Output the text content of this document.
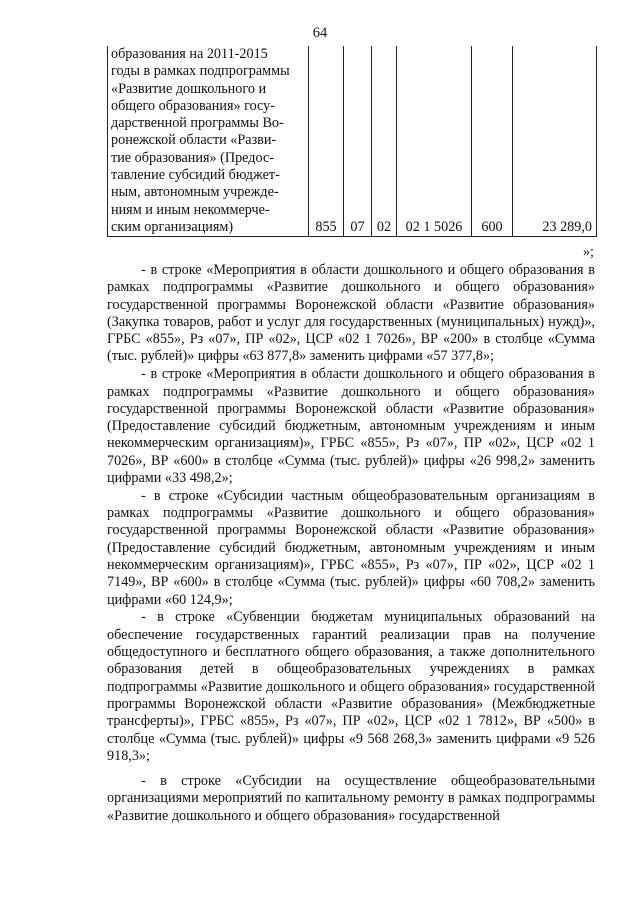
64
образования на 2011-2015
годы в рамках подпрограммы
«Развитие дошкольного и
общего образования» госу-
дарственной программы Во-
ронежской области «Разви-
тие образования» (Предос-
тавление субсидий бюджет-
ным, автономным учрежде-
ниям и иным некоммерче-
ским организациям)	855	07	02	02 1 5026	600	23 289,0
»;

- в строке «Мероприятия в области дошкольного и общего образования в рамках подпрограммы «Развитие дошкольного и общего образования» государственной программы Воронежской области «Развитие образования» (Закупка товаров, работ и услуг для государственных (муниципальных) нужд)», ГРБС «855», Рз «07», ПР «02», ЦСР «02 1 7026», ВР «200» в столбце «Сумма (тыс. рублей)» цифры «63 877,8» заменить цифрами «57 377,8»;

- в строке «Мероприятия в области дошкольного и общего образования в рамках подпрограммы «Развитие дошкольного и общего образования» государственной программы Воронежской области «Развитие образования» (Предоставление субсидий бюджетным, автономным учреждениям и иным некоммерческим организациям)», ГРБС «855», Рз «07», ПР «02», ЦСР «02 1 7026», ВР «600» в столбце «Сумма (тыс. рублей)» цифры «26 998,2» заменить цифрами «33 498,2»;

- в строке «Субсидии частным общеобразовательным организациям в рамках подпрограммы «Развитие дошкольного и общего образования» государственной программы Воронежской области «Развитие образования» (Предоставление субсидий бюджетным, автономным учреждениям и иным некоммерческим организациям)», ГРБС «855», Рз «07», ПР «02», ЦСР «02 1 7149», ВР «600» в столбце «Сумма (тыс. рублей)» цифры «60 708,2» заменить цифрами «60 124,9»;

- в строке «Субвенции бюджетам муниципальных образований на обеспечение государственных гарантий реализации прав на получение общедоступного и бесплатного общего образования, а также дополнительного образования детей в общеобразовательных учреждениях в рамках подпрограммы «Развитие дошкольного и общего образования» государственной программы Воронежской области «Развитие образования» (Межбюджетные трансферты)», ГРБС «855», Рз «07», ПР «02», ЦСР «02 1 7812», ВР «500» в столбце «Сумма (тыс. рублей)» цифры «9 568 268,3» заменить цифрами «9 526 918,3»;

- в строке «Субсидии на осуществление общеобразовательными организациями мероприятий по капитальному ремонту в рамках подпрограммы «Развитие дошкольного и общего образования» государственной
